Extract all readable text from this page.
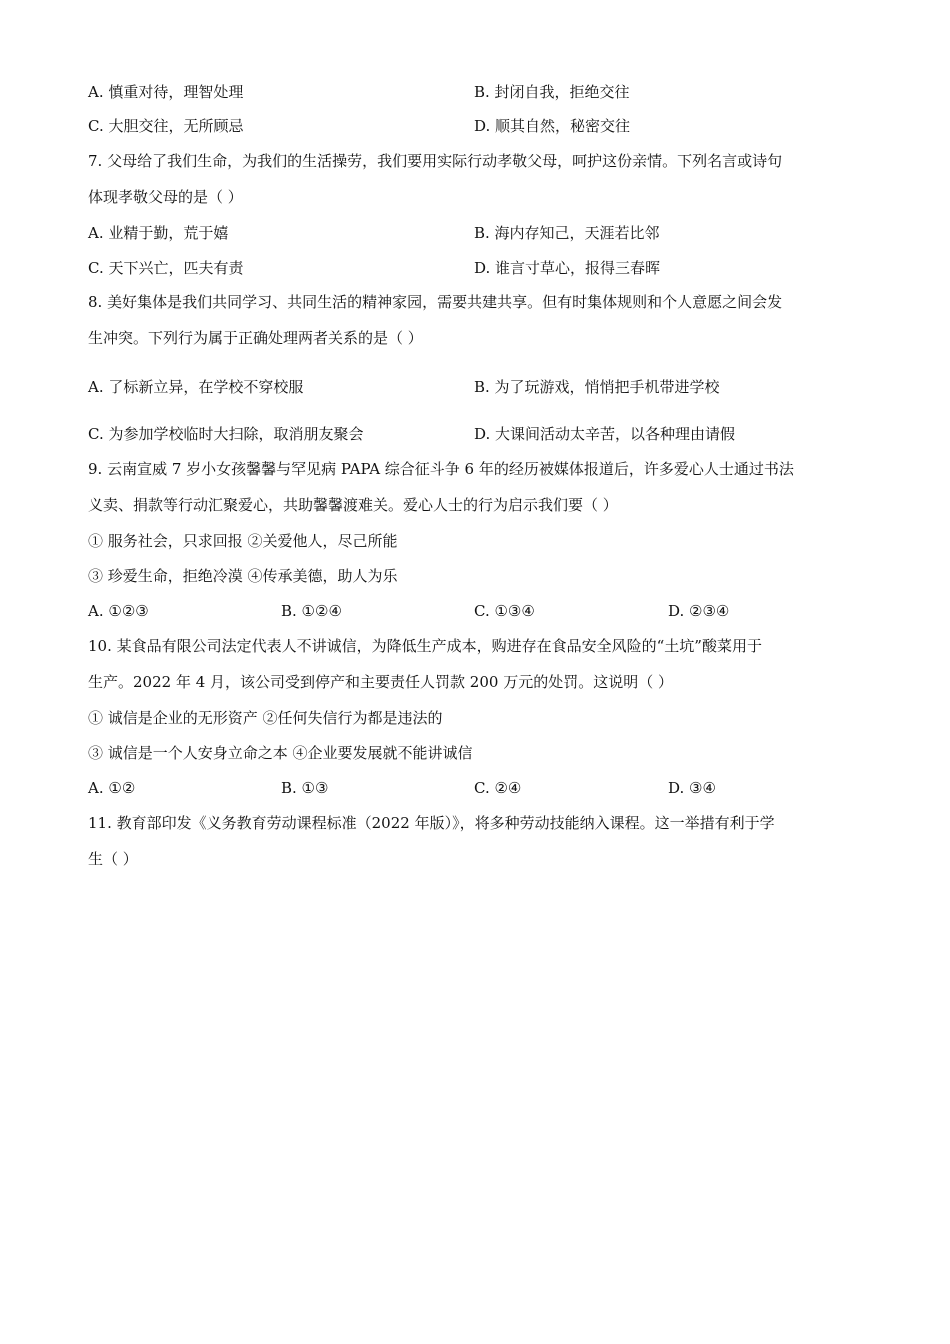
A. 慎重对待，理智处理	B. 封闭自我，拒绝交往
C. 大胆交往，无所顾忌	D. 顺其自然，秘密交往
7. 父母给了我们生命，为我们的生活操劳，我们要用实际行动孝敬父母，呵护这份亲情。下列名言或诗句
体现孝敬父母的是（ ）
A. 业精于勤，荒于嬉	B. 海内存知己，天涯若比邻
C. 天下兴亡，匹夫有责	D. 谁言寸草心，报得三春晖
8. 美好集体是我们共同学习、共同生活的精神家园，需要共建共享。但有时集体规则和个人意愿之间会发
生冲突。下列行为属于正确处理两者关系的是（ ）
A. 了标新立异，在学校不穿校服	B. 为了玩游戏，悄悄把手机带进学校
C. 为参加学校临时大扫除，取消朋友聚会	D. 大课间活动太辛苦，以各种理由请假
9. 云南宣威 7 岁小女孩馨馨与罕见病 PAPA 综合征斗争 6 年的经历被媒体报道后，许多爱心人士通过书法
义卖、捐款等行动汇聚爱心，共助馨馨渡难关。爱心人士的行为启示我们要（ ）
① 服务社会，只求回报 ②关爱他人，尽己所能
③ 珍爱生命，拒绝冷漠 ④传承美德，助人为乐
A. ①②③	B. ①②④	C. ①③④	D. ②③④
10. 某食品有限公司法定代表人不讲诚信，为降低生产成本，购进存在食品安全风险的“土坑”酸菜用于
生产。2022 年 4 月，该公司受到停产和主要责任人罚款 200 万元的处罚。这说明（ ）
① 诚信是企业的无形资产 ②任何失信行为都是违法的
③ 诚信是一个人安身立命之本 ④企业要发展就不能讲诚信
A. ①②	B. ①③	C. ②④	D. ③④
11. 教育部印发《义务教育劳动课程标准（2022 年版）》，将多种劳动技能纳入课程。这一举措有利于学
生（ ）
